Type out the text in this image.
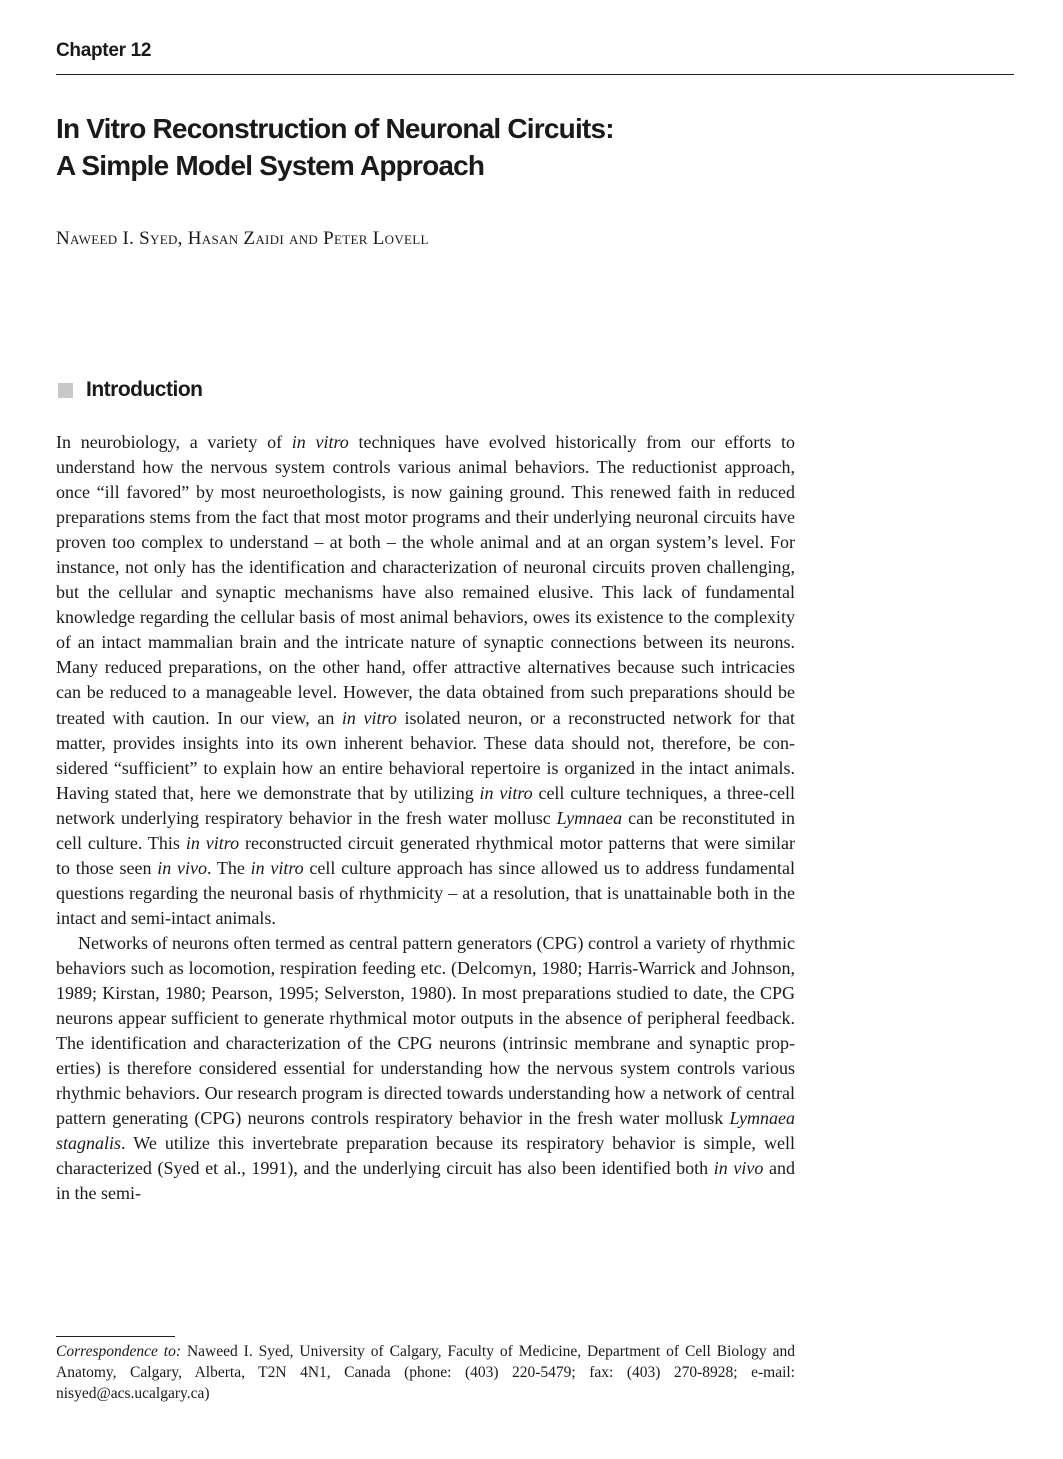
Chapter 12
In Vitro Reconstruction of Neuronal Circuits:
A Simple Model System Approach
Naweed I. Syed, Hasan Zaidi and Peter Lovell
Introduction

In neurobiology, a variety of in vitro techniques have evolved historically from our efforts to understand how the nervous system controls various animal behaviors. The reductionist approach, once “ill favored” by most neuroethologists, is now gaining ground. This renewed faith in reduced preparations stems from the fact that most motor programs and their underlying neuronal circuits have proven too complex to understand – at both – the whole animal and at an organ system’s level. For instance, not only has the identification and characterization of neuronal circuits proven challenging, but the cellular and synaptic mechanisms have also remained elusive. This lack of fundamental knowledge regarding the cellular basis of most animal behaviors, owes its existence to the complexity of an intact mammalian brain and the intricate nature of synaptic connections between its neurons. Many reduced preparations, on the other hand, offer attractive alternatives because such intricacies can be reduced to a manageable level. However, the data obtained from such preparations should be treated with caution. In our view, an in vitro isolated neuron, or a reconstructed network for that matter, provides insights into its own inherent behavior. These data should not, therefore, be considered “sufficient” to explain how an entire behavioral repertoire is organized in the intact animals. Having stated that, here we demonstrate that by utilizing in vitro cell culture techniques, a three-cell network underlying respiratory behavior in the fresh water mollusc Lymnaea can be reconstituted in cell culture. This in vitro reconstructed circuit generated rhythmical motor patterns that were similar to those seen in vivo. The in vitro cell culture approach has since allowed us to address fundamental questions regarding the neuronal basis of rhythmicity – at a resolution, that is unattainable both in the intact and semi-intact animals.

Networks of neurons often termed as central pattern generators (CPG) control a variety of rhythmic behaviors such as locomotion, respiration feeding etc. (Delcomyn, 1980; Harris-Warrick and Johnson, 1989; Kirstan, 1980; Pearson, 1995; Selverston, 1980). In most preparations studied to date, the CPG neurons appear sufficient to generate rhythmical motor outputs in the absence of peripheral feedback. The identification and characterization of the CPG neurons (intrinsic membrane and synaptic properties) is therefore considered essential for understanding how the nervous system controls various rhythmic behaviors. Our research program is directed towards understanding how a network of central pattern generating (CPG) neurons controls respiratory behavior in the fresh water mollusk Lymnaea stagnalis. We utilize this invertebrate preparation because its respiratory behavior is simple, well characterized (Syed et al., 1991), and the underlying circuit has also been identified both in vivo and in the semi-

Correspondence to: Naweed I. Syed, University of Calgary, Faculty of Medicine, Department of Cell Biology and Anatomy, Calgary, Alberta, T2N 4N1, Canada (phone: (403) 220-5479; fax: (403) 270-8928; e-mail: nisyed@acs.ucalgary.ca)
